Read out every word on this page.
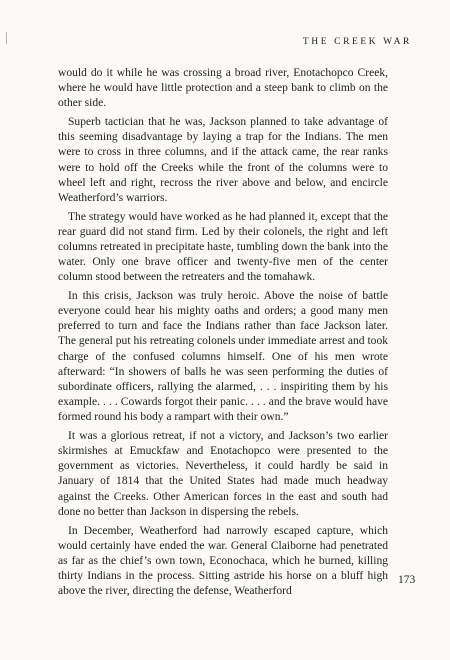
THE CREEK WAR

would do it while he was crossing a broad river, Enotachopco Creek, where he would have little protection and a steep bank to climb on the other side.

Superb tactician that he was, Jackson planned to take advantage of this seeming disadvantage by laying a trap for the Indians. The men were to cross in three columns, and if the attack came, the rear ranks were to hold off the Creeks while the front of the columns were to wheel left and right, recross the river above and below, and encircle Weatherford’s warriors.

The strategy would have worked as he had planned it, except that the rear guard did not stand firm. Led by their colonels, the right and left columns retreated in precipitate haste, tumbling down the bank into the water. Only one brave officer and twenty-five men of the center column stood between the retreaters and the tomahawk.

In this crisis, Jackson was truly heroic. Above the noise of battle everyone could hear his mighty oaths and orders; a good many men preferred to turn and face the Indians rather than face Jackson later. The general put his retreating colonels under immediate arrest and took charge of the confused columns himself. One of his men wrote afterward: “In showers of balls he was seen performing the duties of subordinate officers, rallying the alarmed, . . . inspiriting them by his example. . . . Cowards forgot their panic. . . . and the brave would have formed round his body a rampart with their own.”

It was a glorious retreat, if not a victory, and Jackson’s two earlier skirmishes at Emuckfaw and Enotachopco were presented to the government as victories. Nevertheless, it could hardly be said in January of 1814 that the United States had made much headway against the Creeks. Other American forces in the east and south had done no better than Jackson in dispersing the rebels.

In December, Weatherford had narrowly escaped capture, which would certainly have ended the war. General Claiborne had penetrated as far as the chief’s own town, Econochaca, which he burned, killing thirty Indians in the process. Sitting astride his horse on a bluff high above the river, directing the defense, Weatherford

173
